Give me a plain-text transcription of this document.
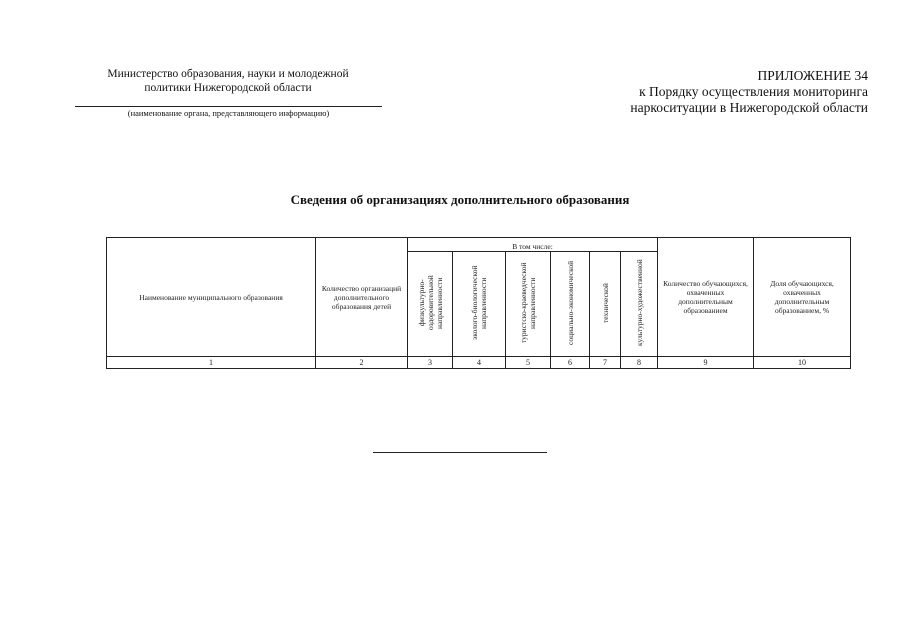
Министерство образования, науки и молодежной
политики Нижегородской области
(наименование органа, представляющего информацию)
ПРИЛОЖЕНИЕ 34
к Порядку осуществления мониторинга
наркоситуации в Нижегородской области
Сведения об организациях дополнительного образования
Наименование муниципального образования	Количество организаций дополнительного образования детей	В том числе:						Количество обучающихся, охваченных дополнительным образованием	Доля обучающихся, охваченных дополнительным образованием, %
		физкультурно-оздоровительной направленности	эколого-биологической направленности	туристско-краеведческой направленности	социально-экономической	технической	культурно-художественной		
1	2	3	4	5	6	7	8	9	10
